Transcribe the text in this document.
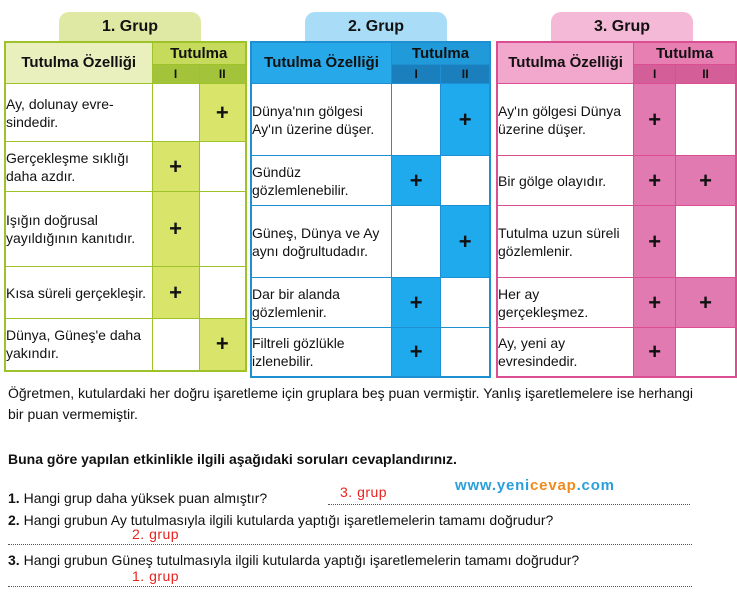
1. Grup
Tutulma Özelliği	Tutulma	
	I	II
Ay, dolunay evre-sindedir.		+
Gerçekleşme sıklığı daha azdır.	+	
Işığın doğrusal yayıldığının kanıtıdır.	+	
Kısa süreli gerçekleşir.	+	
Dünya, Güneş'e daha yakındır.		+
2. Grup
Tutulma Özelliği	Tutulma	
	I	II
Dünya'nın gölgesi Ay'ın üzerine düşer.		+
Gündüz gözlemlenebilir.	+	
Güneş, Dünya ve Ay aynı doğrultudadır.		+
Dar bir alanda gözlemlenir.	+	
Filtreli gözlükle izlenebilir.	+	
3. Grup
Tutulma Özelliği	Tutulma	
	I	II
Ay'ın gölgesi Dünya üzerine düşer.	+	
Bir gölge olayıdır.	+	+
Tutulma uzun süreli gözlemlenir.	+	
Her ay gerçekleşmez.	+	+
Ay, yeni ay evresindedir.	+	
Öğretmen, kutulardaki her doğru işaretleme için gruplara beş puan vermiştir. Yanlış işaretlemelere ise herhangi bir puan vermemiştir.
Buna göre yapılan etkinlikle ilgili aşağıdaki soruları cevaplandırınız.
www.yenicevap.com
1. Hangi grup daha yüksek puan almıştır?	3. grup
2. Hangi grubun Ay tutulmasıyla ilgili kutularda yaptığı işaretlemelerin tamamı doğrudur?
2. grup
3. Hangi grubun Güneş tutulmasıyla ilgili kutularda yaptığı işaretlemelerin tamamı doğrudur?
1. grup
